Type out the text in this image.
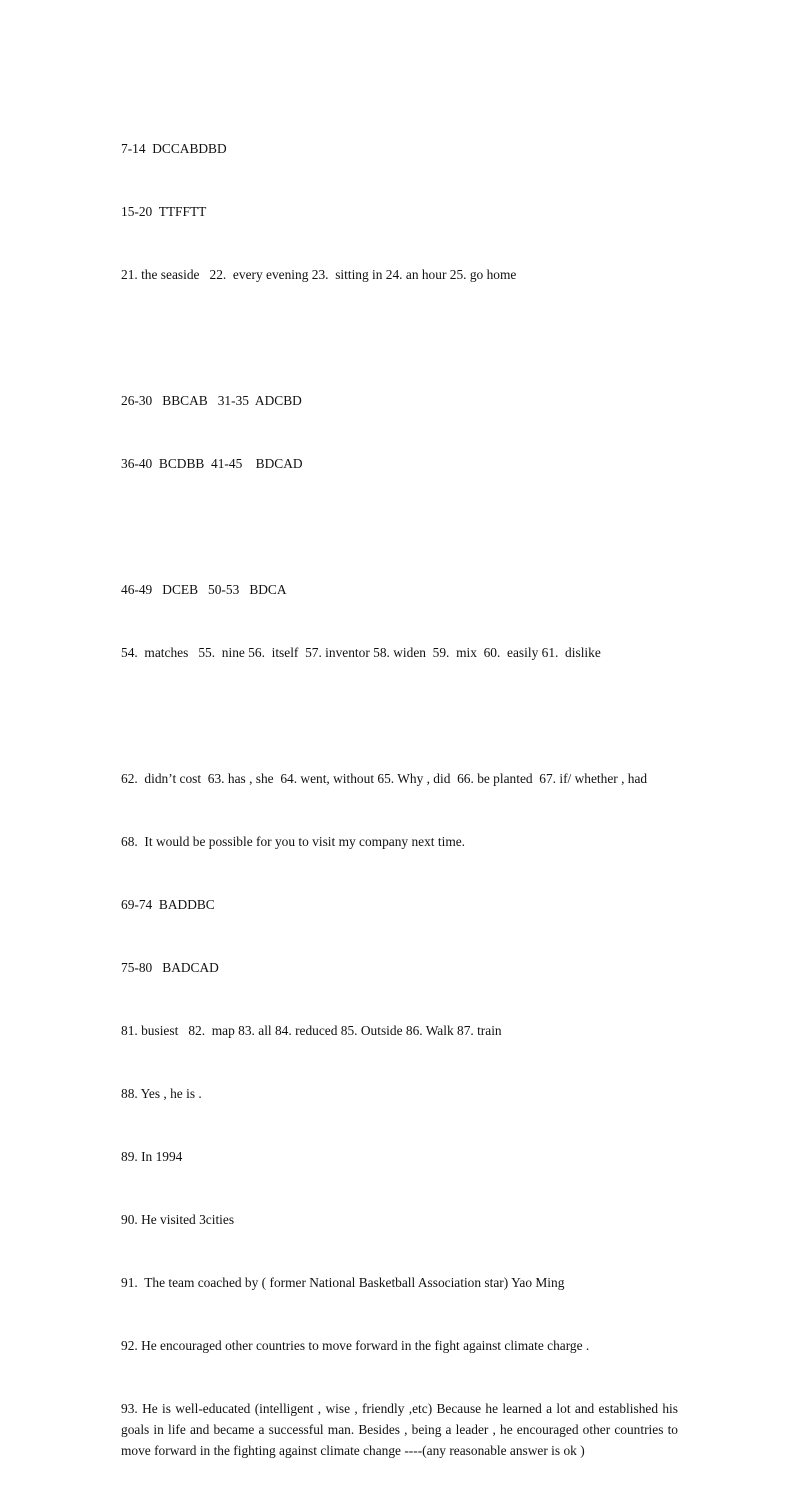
7-14  DCCABDBD

15-20  TTFFTT

21. the seaside   22.  every evening 23.  sitting in 24. an hour 25. go home

26-30   BBCAB   31-35  ADCBD

36-40  BCDBB  41-45    BDCAD

46-49   DCEB   50-53   BDCA

54.  matches   55.  nine 56.  itself  57. inventor 58. widen  59.  mix  60.  easily 61.  dislike

62.  didn’t cost  63. has , she  64. went, without 65. Why , did  66. be planted  67. if/ whether , had

68.  It would be possible for you to visit my company next time.

69-74  BADDBC

75-80   BADCAD

81. busiest   82.  map 83. all 84. reduced 85. Outside 86. Walk 87. train

88. Yes , he is .

89. In 1994

90. He visited 3cities

91.  The team coached by ( former National Basketball Association star) Yao Ming

92. He encouraged other countries to move forward in the fight against climate charge .

93. He is well-educated (intelligent , wise , friendly ,etc) Because he learned a lot and established his goals in life and became a successful man. Besides , being a leader , he encouraged other countries to move forward in the fighting against climate change ----(any reasonable answer is ok )
